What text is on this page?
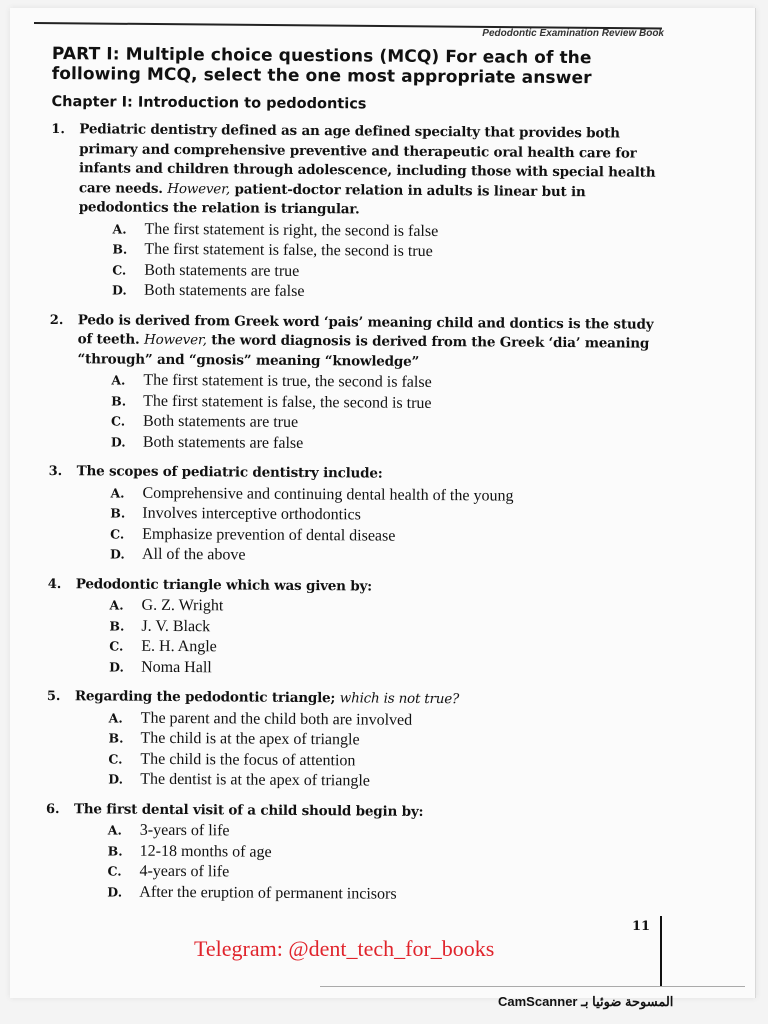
Pedodontic Examination Review Book
PART I: Multiple choice questions (MCQ) For each of the following MCQ, select the one most appropriate answer
Chapter I: Introduction to pedodontics
1.	Pediatric dentistry defined as an age defined specialty that provides both primary and comprehensive preventive and therapeutic oral health care for infants and children through adolescence, including those with special health care needs. However, patient-doctor relation in adults is linear but in pedodontics the relation is triangular.
A.	The first statement is right, the second is false
B.	The first statement is false, the second is true
C.	Both statements are true
D.	Both statements are false
2.	Pedo is derived from Greek word ‘pais’ meaning child and dontics is the study of teeth. However, the word diagnosis is derived from the Greek ‘dia’ meaning “through” and “gnosis” meaning “knowledge”
A.	The first statement is true, the second is false
B.	The first statement is false, the second is true
C.	Both statements are true
D.	Both statements are false
3.	The scopes of pediatric dentistry include:
A.	Comprehensive and continuing dental health of the young
B.	Involves interceptive orthodontics
C.	Emphasize prevention of dental disease
D.	All of the above
4.	Pedodontic triangle which was given by:
A.	G. Z. Wright
B.	J. V. Black
C.	E. H. Angle
D.	Noma Hall
5.	Regarding the pedodontic triangle; which is not true?
A.	The parent and the child both are involved
B.	The child is at the apex of triangle
C.	The child is the focus of attention
D.	The dentist is at the apex of triangle
6.	The first dental visit of a child should begin by:
A.	3-years of life
B.	12-18 months of age
C.	4-years of life
D.	After the eruption of permanent incisors
11
Telegram: @dent_tech_for_books
CamScanner المسوحة ضوئيا بـ
